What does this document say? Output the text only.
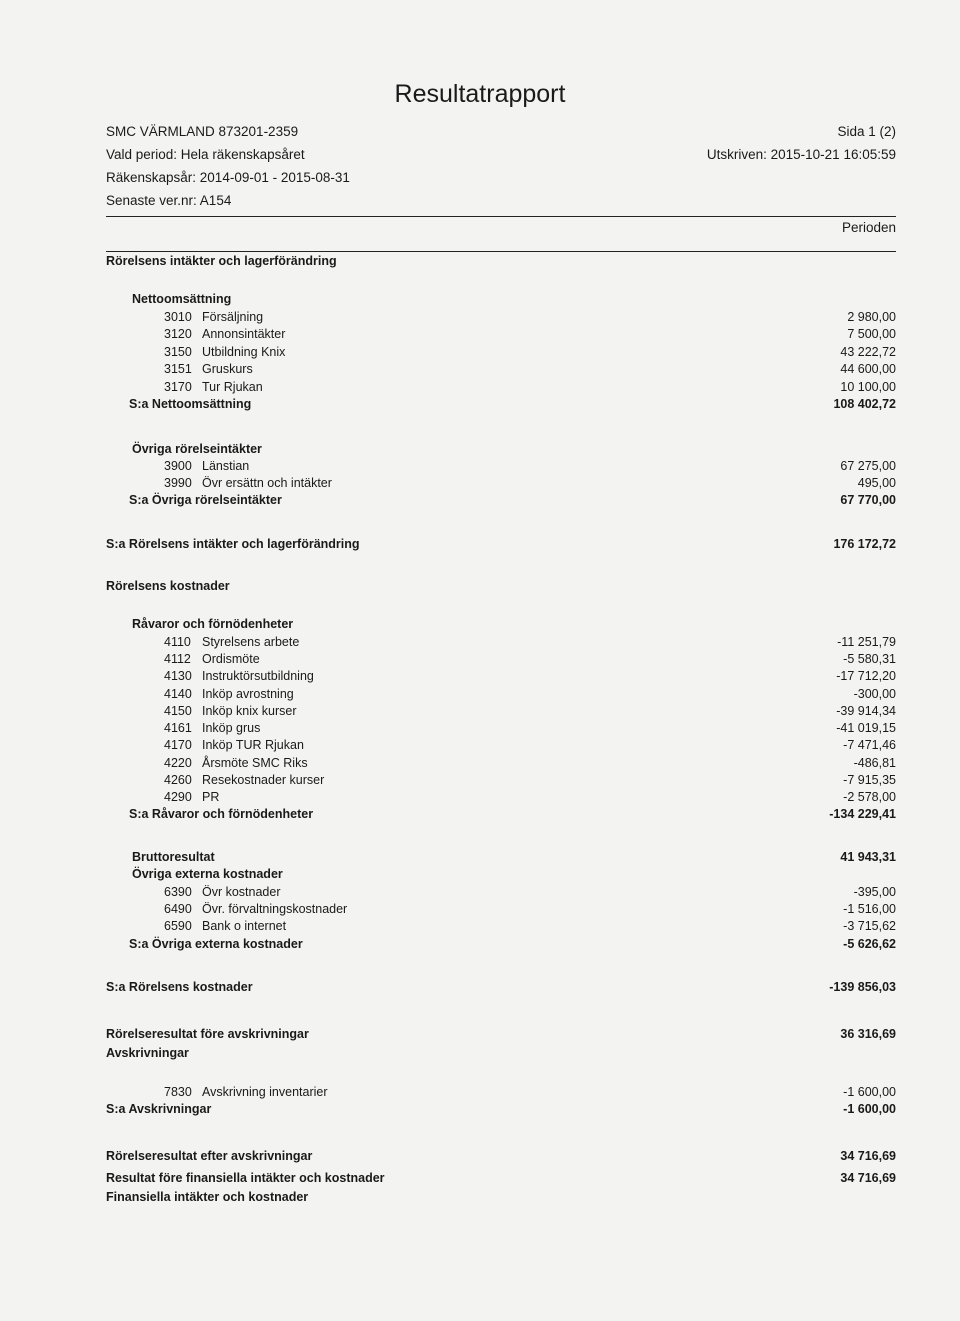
Resultatrapport
SMC VÄRMLAND 873201-2359
Vald period: Hela räkenskapsåret
Räkenskapsår: 2014-09-01 - 2015-08-31
Senaste ver.nr: A154
Sida 1 (2)
Utskriven: 2015-10-21 16:05:59
Perioden
Rörelsens intäkter och lagerförändring
Nettoomsättning
3010 Försäljning	2 980,00
3120 Annonsintäkter	7 500,00
3150 Utbildning Knix	43 222,72
3151 Gruskurs	44 600,00
3170 Tur Rjukan	10 100,00
S:a Nettoomsättning	108 402,72
Övriga rörelseintäkter
3900 Länstian	67 275,00
3990 Övr ersättn och intäkter	495,00
S:a Övriga rörelseintäkter	67 770,00
S:a Rörelsens intäkter och lagerförändring	176 172,72
Rörelsens kostnader
Råvaror och förnödenheter
4110 Styrelsens arbete	-11 251,79
4112 Ordismöte	-5 580,31
4130 Instruktörsutbildning	-17 712,20
4140 Inköp avrostning	-300,00
4150 Inköp knix kurser	-39 914,34
4161 Inköp grus	-41 019,15
4170 Inköp TUR Rjukan	-7 471,46
4220 Årsmöte SMC Riks	-486,81
4260 Resekostnader kurser	-7 915,35
4290 PR	-2 578,00
S:a Råvaror och förnödenheter	-134 229,41
Bruttoresultat	41 943,31
Övriga externa kostnader
6390 Övr kostnader	-395,00
6490 Övr. förvaltningskostnader	-1 516,00
6590 Bank o internet	-3 715,62
S:a Övriga externa kostnader	-5 626,62
S:a Rörelsens kostnader	-139 856,03
Rörelseresultat före avskrivningar	36 316,69
Avskrivningar
7830 Avskrivning inventarier	-1 600,00
S:a Avskrivningar	-1 600,00
Rörelseresultat efter avskrivningar	34 716,69
Resultat före finansiella intäkter och kostnader	34 716,69
Finansiella intäkter och kostnader
